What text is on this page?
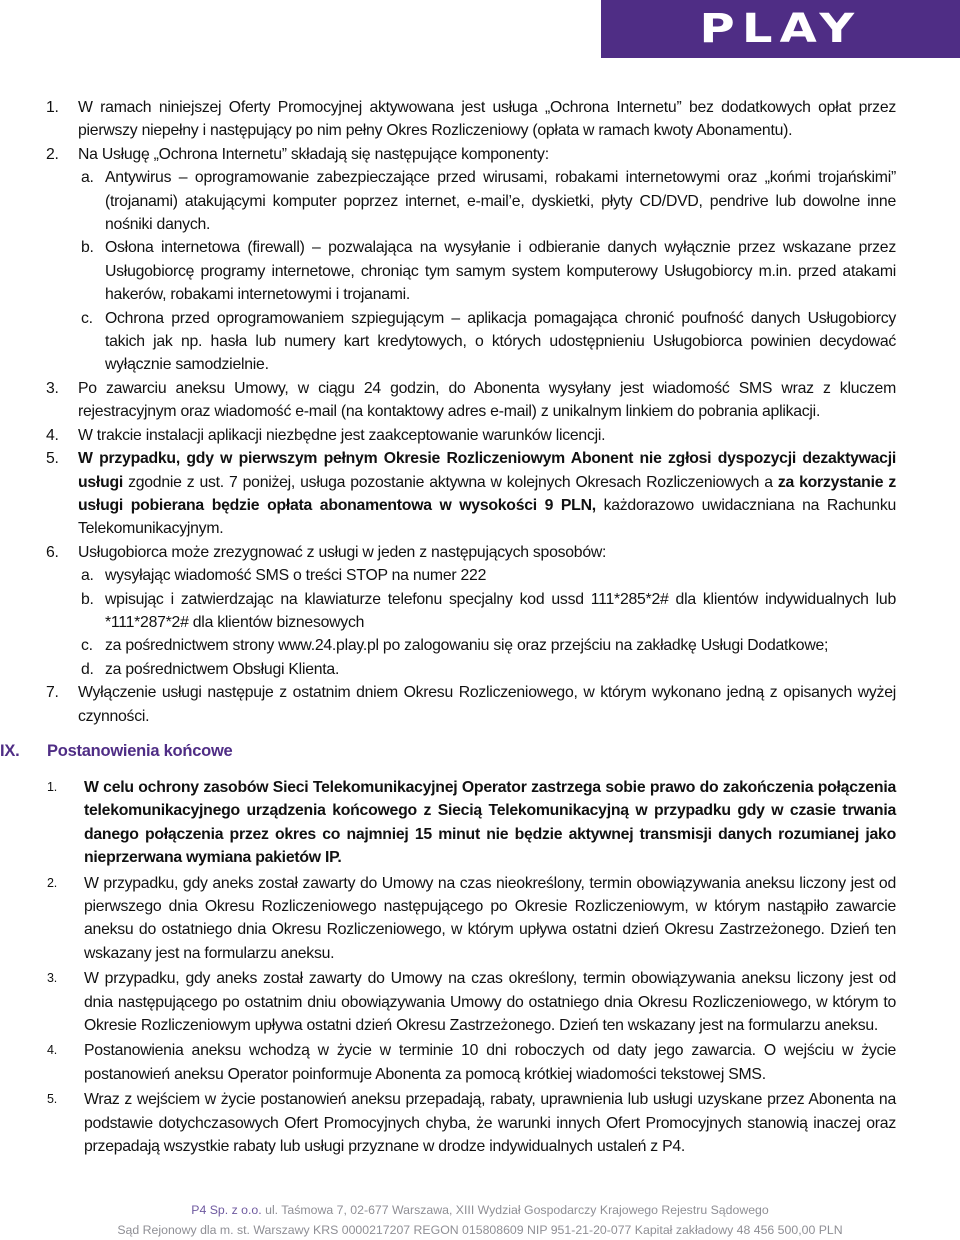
PLAY
1. W ramach niniejszej Oferty Promocyjnej aktywowana jest usługa „Ochrona Internetu” bez dodatkowych opłat przez pierwszy niepełny i następujący po nim pełny Okres Rozliczeniowy (opłata w ramach kwoty Abonamentu).
2. Na Usługę „Ochrona Internetu” składają się następujące komponenty:
a. Antywirus – oprogramowanie zabezpieczające przed wirusami, robakami internetowymi oraz „końmi trojańskimi” (trojanami) atakującymi komputer poprzez internet, e-mail’e, dyskietki, płyty CD/DVD, pendrive lub dowolne inne nośniki danych.
b. Osłona internetowa (firewall) – pozwalająca na wysyłanie i odbieranie danych wyłącznie przez wskazane przez Usługobiorcę programy internetowe, chroniąc tym samym system komputerowy Usługobiorcy m.in. przed atakami hakerów, robakami internetowymi i trojanami.
c. Ochrona przed oprogramowaniem szpiegującym – aplikacja pomagająca chronić poufność danych Usługobiorcy takich jak np. hasła lub numery kart kredytowych, o których udostępnieniu Usługobiorca powinien decydować wyłącznie samodzielnie.
3. Po zawarciu aneksu Umowy, w ciągu 24 godzin, do Abonenta wysyłany jest wiadomość SMS wraz z kluczem rejestracyjnym oraz wiadomość e-mail (na kontaktowy adres e-mail) z unikalnym linkiem do pobrania aplikacji.
4. W trakcie instalacji aplikacji niezbędne jest zaakceptowanie warunków licencji.
5. W przypadku, gdy w pierwszym pełnym Okresie Rozliczeniowym Abonent nie zgłosi dyspozycji dezaktywacji usługi zgodnie z ust. 7 poniżej, usługa pozostanie aktywna w kolejnych Okresach Rozliczeniowych a za korzystanie z usługi pobierana będzie opłata abonamentowa w wysokości 9 PLN, każdorazowo uwidaczniana na Rachunku Telekomunikacyjnym.
6. Usługobiorca może zrezygnować z usługi w jeden z następujących sposobów:
a. wysyłając wiadomość SMS o treści STOP na numer 222
b. wpisując i zatwierdzając na klawiaturze telefonu specjalny kod ussd 111*285*2# dla klientów indywidualnych lub *111*287*2# dla klientów biznesowych
c. za pośrednictwem strony www.24.play.pl po zalogowaniu się oraz przejściu na zakładkę Usługi Dodatkowe;
d. za pośrednictwem Obsługi Klienta.
7. Wyłączenie usługi następuje z ostatnim dniem Okresu Rozliczeniowego, w którym wykonano jedną z opisanych wyżej czynności.
IX. Postanowienia końcowe
1. W celu ochrony zasobów Sieci Telekomunikacyjnej Operator zastrzega sobie prawo do zakończenia połączenia telekomunikacyjnego urządzenia końcowego z Siecią Telekomunikacyjną w przypadku gdy w czasie trwania danego połączenia przez okres co najmniej 15 minut nie będzie aktywnej transmisji danych rozumianej jako nieprzerwana wymiana pakietów IP.
2. W przypadku, gdy aneks został zawarty do Umowy na czas nieokreślony, termin obowiązywania aneksu liczony jest od pierwszego dnia Okresu Rozliczeniowego następującego po Okresie Rozliczeniowym, w którym nastąpiło zawarcie aneksu do ostatniego dnia Okresu Rozliczeniowego, w którym upływa ostatni dzień Okresu Zastrzeżonego. Dzień ten wskazany jest na formularzu aneksu.
3. W przypadku, gdy aneks został zawarty do Umowy na czas określony, termin obowiązywania aneksu liczony jest od dnia następującego po ostatnim dniu obowiązywania Umowy do ostatniego dnia Okresu Rozliczeniowego, w którym to Okresie Rozliczeniowym upływa ostatni dzień Okresu Zastrzeżonego. Dzień ten wskazany jest na formularzu aneksu.
4. Postanowienia aneksu wchodzą w życie w terminie 10 dni roboczych od daty jego zawarcia. O wejściu w życie postanowień aneksu Operator poinformuje Abonenta za pomocą krótkiej wiadomości tekstowej SMS.
5. Wraz z wejściem w życie postanowień aneksu przepadają, rabaty, uprawnienia lub usługi uzyskane przez Abonenta na podstawie dotychczasowych Ofert Promocyjnych chyba, że warunki innych Ofert Promocyjnych stanowią inaczej oraz przepadają wszystkie rabaty lub usługi przyznane w drodze indywidualnych ustaleń z P4.
P4 Sp. z o.o. ul. Taśmowa 7, 02-677 Warszawa, XIII Wydział Gospodarczy Krajowego Rejestru Sądowego
Sąd Rejonowy dla m. st. Warszawy KRS 0000217207 REGON 015808609 NIP 951-21-20-077 Kapitał zakładowy 48 456 500,00 PLN
